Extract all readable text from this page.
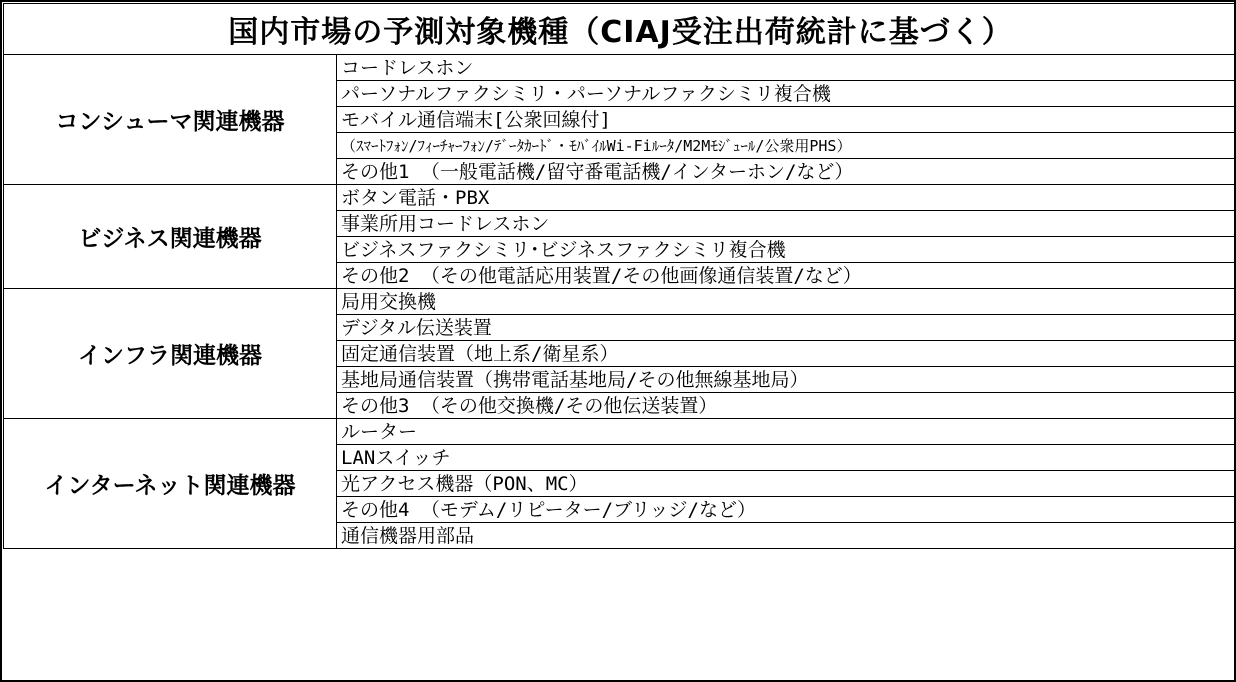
国内市場の予測対象機種（CIAJ受注出荷統計に基づく）	
コンシューマ関連機器	コードレスホン
	パーソナルファクシミリ・パーソナルファクシミリ複合機
	モバイル通信端末[公衆回線付]
	（ｽﾏｰﾄﾌｫﾝ/ﾌｨｰﾁｬｰﾌｫﾝ/ﾃﾞｰﾀｶｰﾄﾞ・ﾓﾊﾞｲﾙWi-Fiﾙｰﾀ/M2Mﾓｼﾞｭｰﾙ/公衆用PHS）
	その他1 （一般電話機/留守番電話機/インターホン/など）
ビジネス関連機器	ボタン電話・PBX
	事業所用コードレスホン
	ビジネスファクシミリ･ビジネスファクシミリ複合機
	その他2 （その他電話応用装置/その他画像通信装置/など）
インフラ関連機器	局用交換機
	デジタル伝送装置
	固定通信装置（地上系/衛星系）
	基地局通信装置（携帯電話基地局/その他無線基地局）
	その他3 （その他交換機/その他伝送装置）
インターネット関連機器	ルーター
	LANスイッチ
	光アクセス機器（PON、MC）
	その他4 （モデム/リピーター/ブリッジ/など）
	通信機器用部品
